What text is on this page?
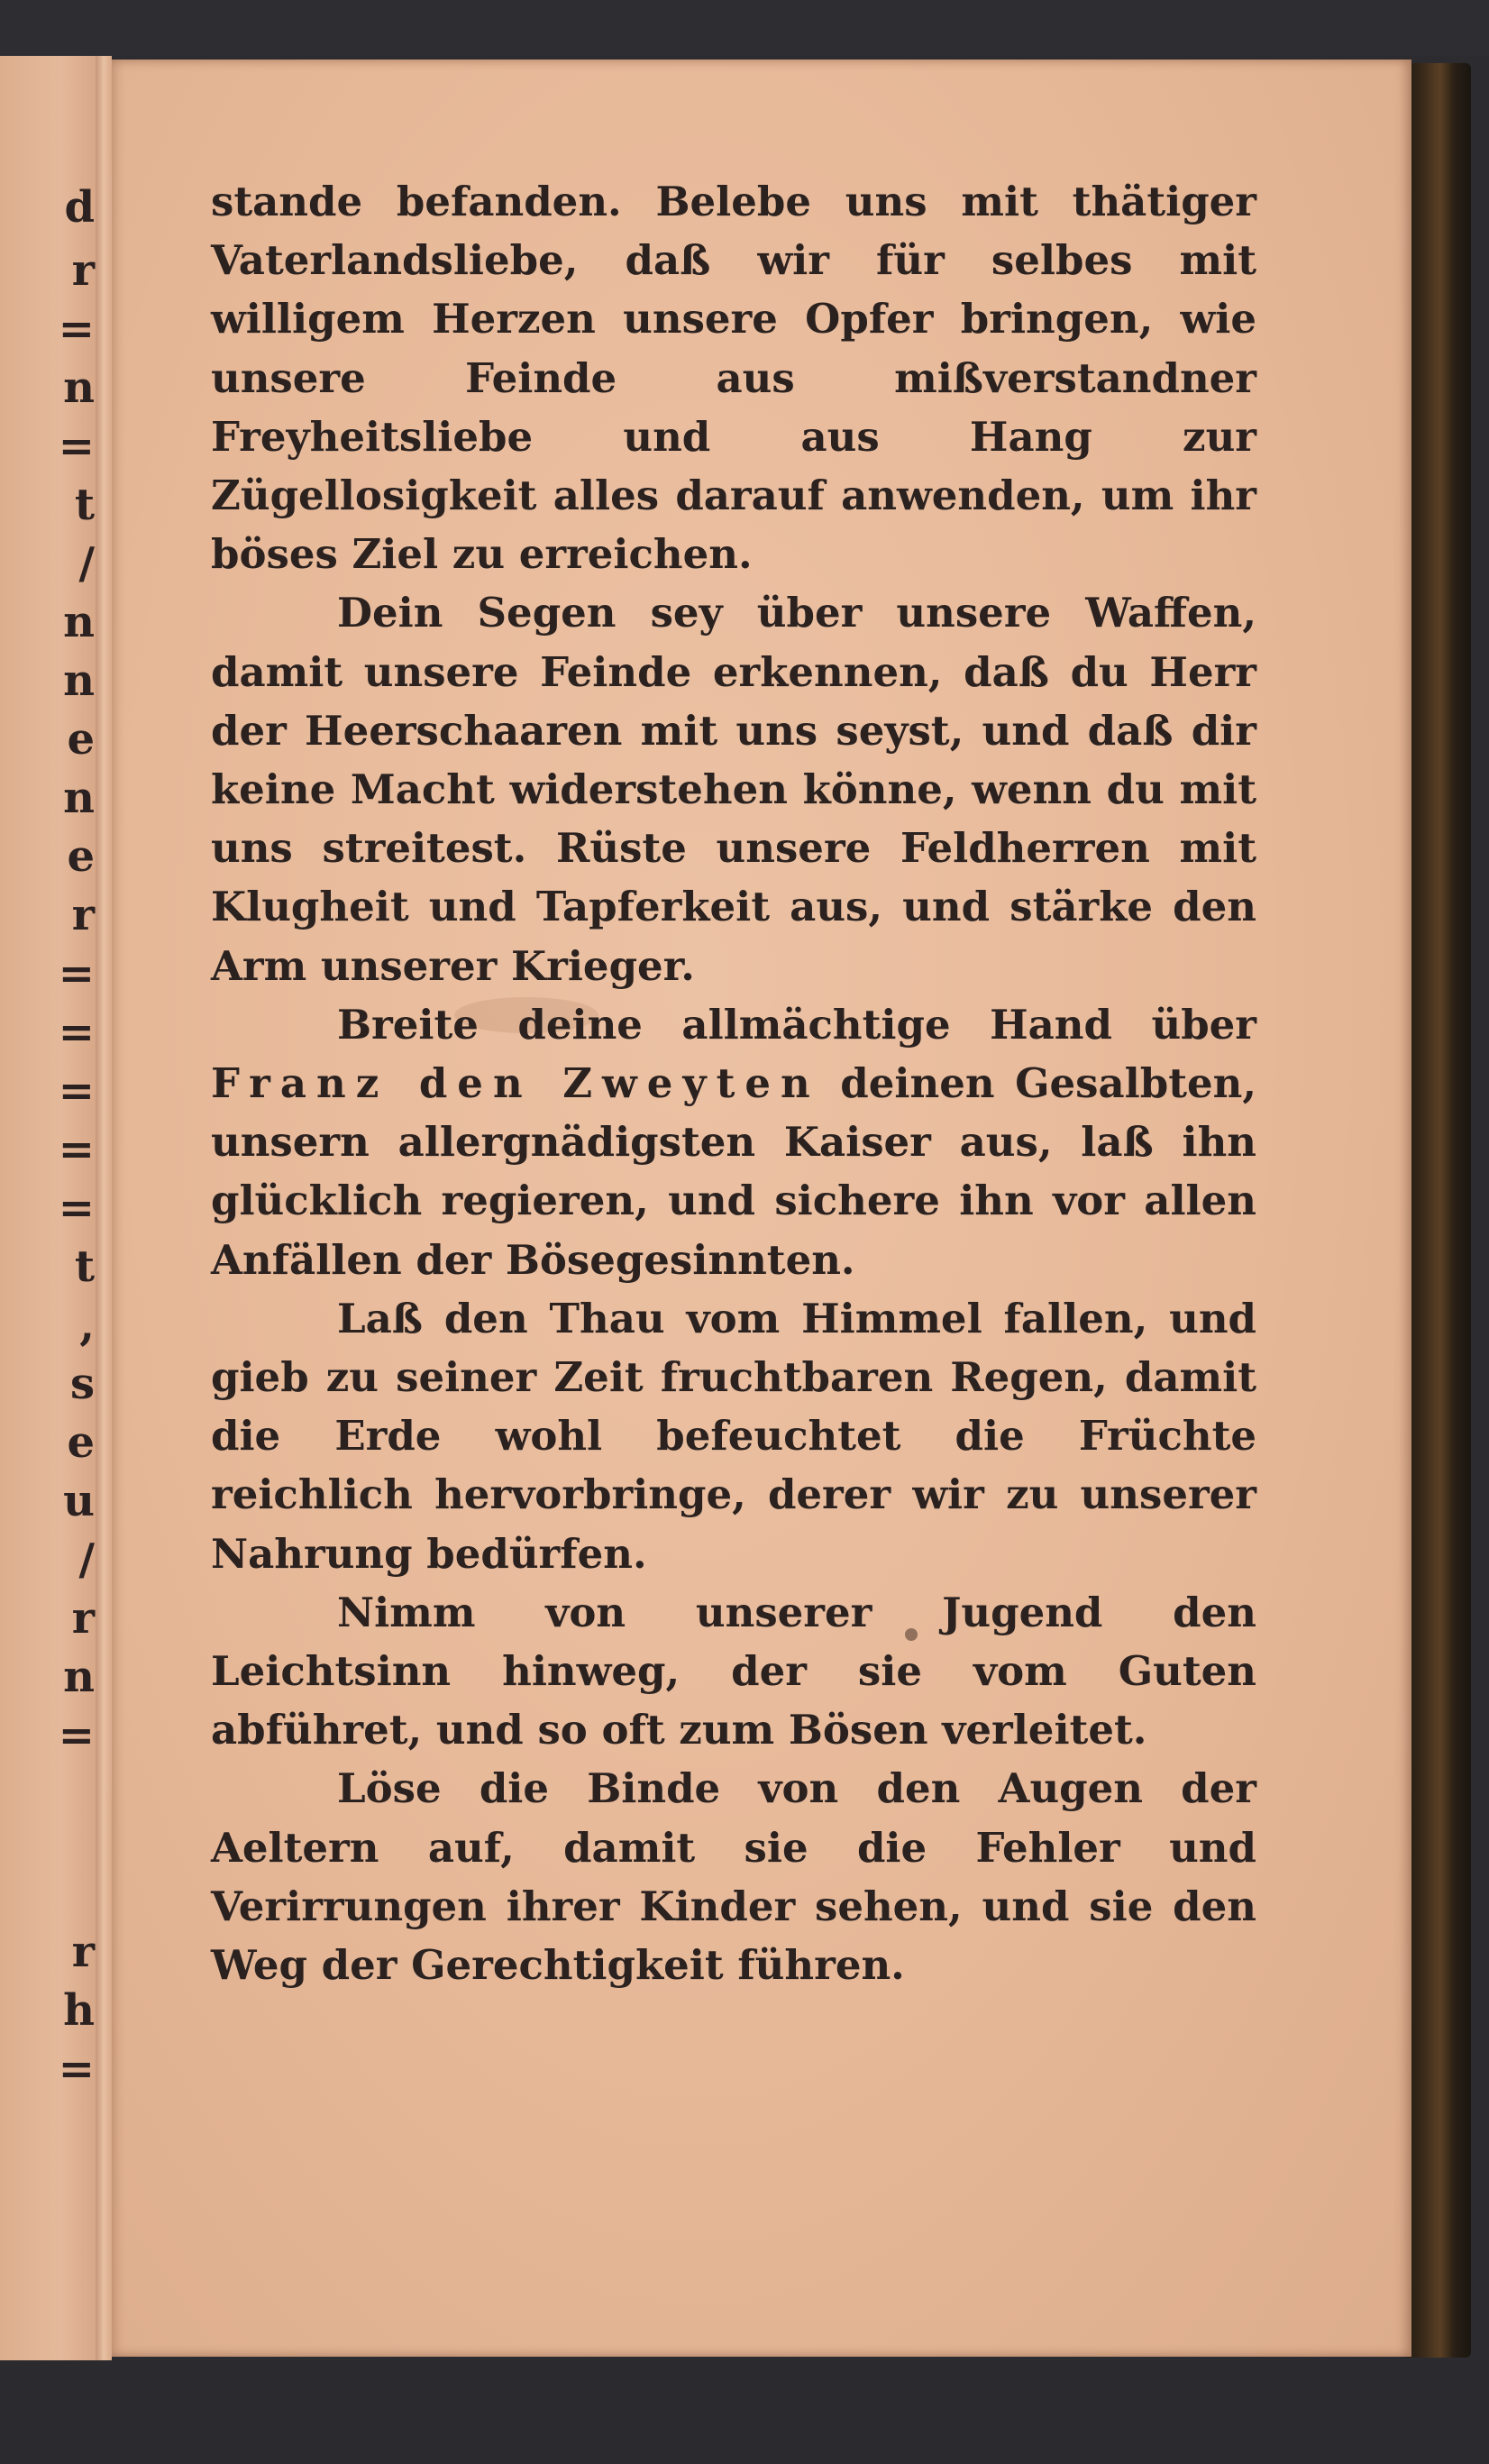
d
r
=
n
=
t
/
n
n
e
n
e
r
=
=
=
=
=
t
,
s
e
u
/
r
n
=
r
h
=

stande befanden. Belebe uns mit thätiger Vaterlandsliebe, daß wir für selbes mit willigem Herzen unsere Opfer bringen, wie unsere Feinde aus mißverstandner Freyheitsliebe und aus Hang zur Zügellosigkeit alles darauf anwenden, um ihr böses Ziel zu erreichen.

Dein Segen sey über unsere Waffen, damit unsere Feinde erkennen, daß du Herr der Heerschaaren mit uns seyst, und daß dir keine Macht widerstehen könne, wenn du mit uns streitest. Rüste unsere Feldherren mit Klugheit und Tapferkeit aus, und stärke den Arm unserer Krieger.

Breite deine allmächtige Hand über Franz den Zweyten deinen Gesalbten, unsern allergnädigsten Kaiser aus, laß ihn glücklich regieren, und sichere ihn vor allen Anfällen der Bösegesinnten.

Laß den Thau vom Himmel fallen, und gieb zu seiner Zeit fruchtbaren Regen, damit die Erde wohl befeuchtet die Früchte reichlich hervorbringe, derer wir zu unserer Nahrung bedürfen.

Nimm von unserer Jugend den Leichtsinn hinweg, der sie vom Guten abführet, und so oft zum Bösen verleitet.

Löse die Binde von den Augen der Aeltern auf, damit sie die Fehler und Verirrungen ihrer Kinder sehen, und sie den Weg der Gerechtigkeit führen.
